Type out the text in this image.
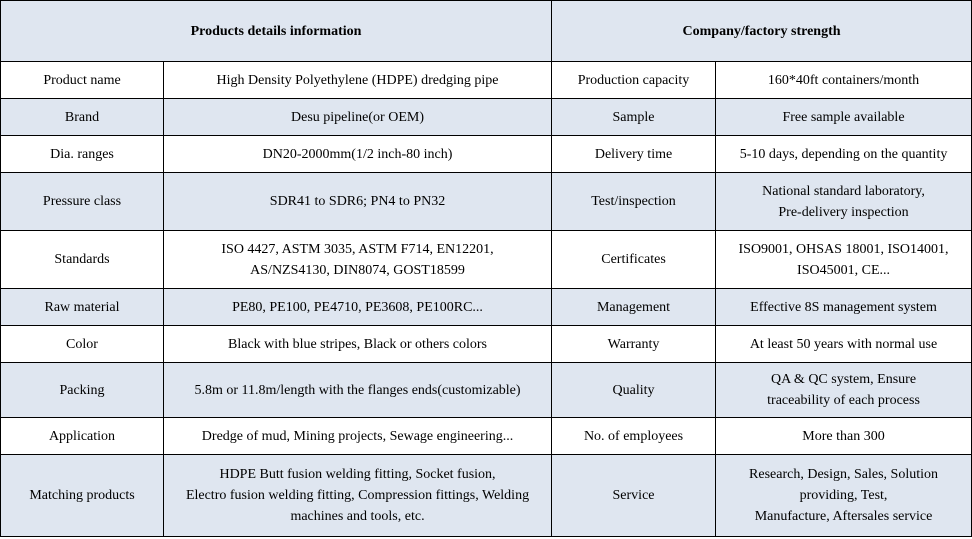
Products details information		Company/factory strength	
Product name	High Density Polyethylene (HDPE) dredging pipe	Production capacity	160*40ft containers/month
Brand	Desu pipeline(or OEM)	Sample	Free sample available
Dia. ranges	DN20-2000mm(1/2 inch-80 inch)	Delivery time	5-10 days, depending on the quantity
Pressure class	SDR41 to SDR6; PN4 to PN32	Test/inspection	National standard laboratory,
Pre-delivery inspection
Standards	ISO 4427, ASTM 3035, ASTM F714, EN12201,
AS/NZS4130, DIN8074, GOST18599	Certificates	ISO9001, OHSAS 18001, ISO14001,
ISO45001, CE...
Raw material	PE80, PE100, PE4710, PE3608, PE100RC...	Management	Effective 8S management system
Color	Black with blue stripes, Black or others colors	Warranty	At least 50 years with normal use
Packing	5.8m or 11.8m/length with the flanges ends(customizable)	Quality	QA & QC system, Ensure
traceability of each process
Application	Dredge of mud, Mining projects, Sewage engineering...	No. of employees	More than 300
Matching products	HDPE Butt fusion welding fitting, Socket fusion,
Electro fusion welding fitting, Compression fittings, Welding
machines and tools, etc.	Service	Research, Design, Sales, Solution
providing, Test,
Manufacture, Aftersales service
